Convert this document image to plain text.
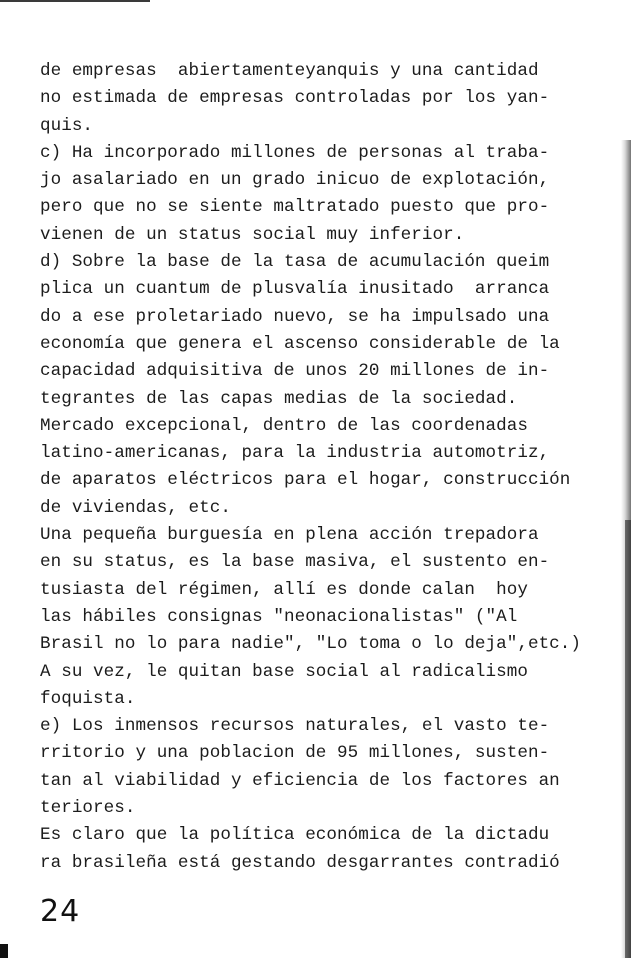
de empresas  abiertamenteyanquis y una cantidad
no estimada de empresas controladas por los yan-
quis.
c) Ha incorporado millones de personas al traba-
jo asalariado en un grado inicuo de explotación,
pero que no se siente maltratado puesto que pro-
vienen de un status social muy inferior.
d) Sobre la base de la tasa de acumulación queim
plica un cuantum de plusvalía inusitado  arranca
do a ese proletariado nuevo, se ha impulsado una
economía que genera el ascenso considerable de la
capacidad adquisitiva de unos 20 millones de in-
tegrantes de las capas medias de la sociedad.
Mercado excepcional, dentro de las coordenadas
latino-americanas, para la industria automotriz,
de aparatos eléctricos para el hogar, construcción
de viviendas, etc.
Una pequeña burguesía en plena acción trepadora
en su status, es la base masiva, el sustento en-
tusiasta del régimen, allí es donde calan  hoy
las hábiles consignas "neonacionalistas" ("Al
Brasil no lo para nadie", "Lo toma o lo deja",etc.)
A su vez, le quitan base social al radicalismo
foquista.
e) Los inmensos recursos naturales, el vasto te-
rritorio y una poblacion de 95 millones, susten-
tan al viabilidad y eficiencia de los factores an
teriores.
Es claro que la política económica de la dictadu
ra brasileña está gestando desgarrantes contradió
24
